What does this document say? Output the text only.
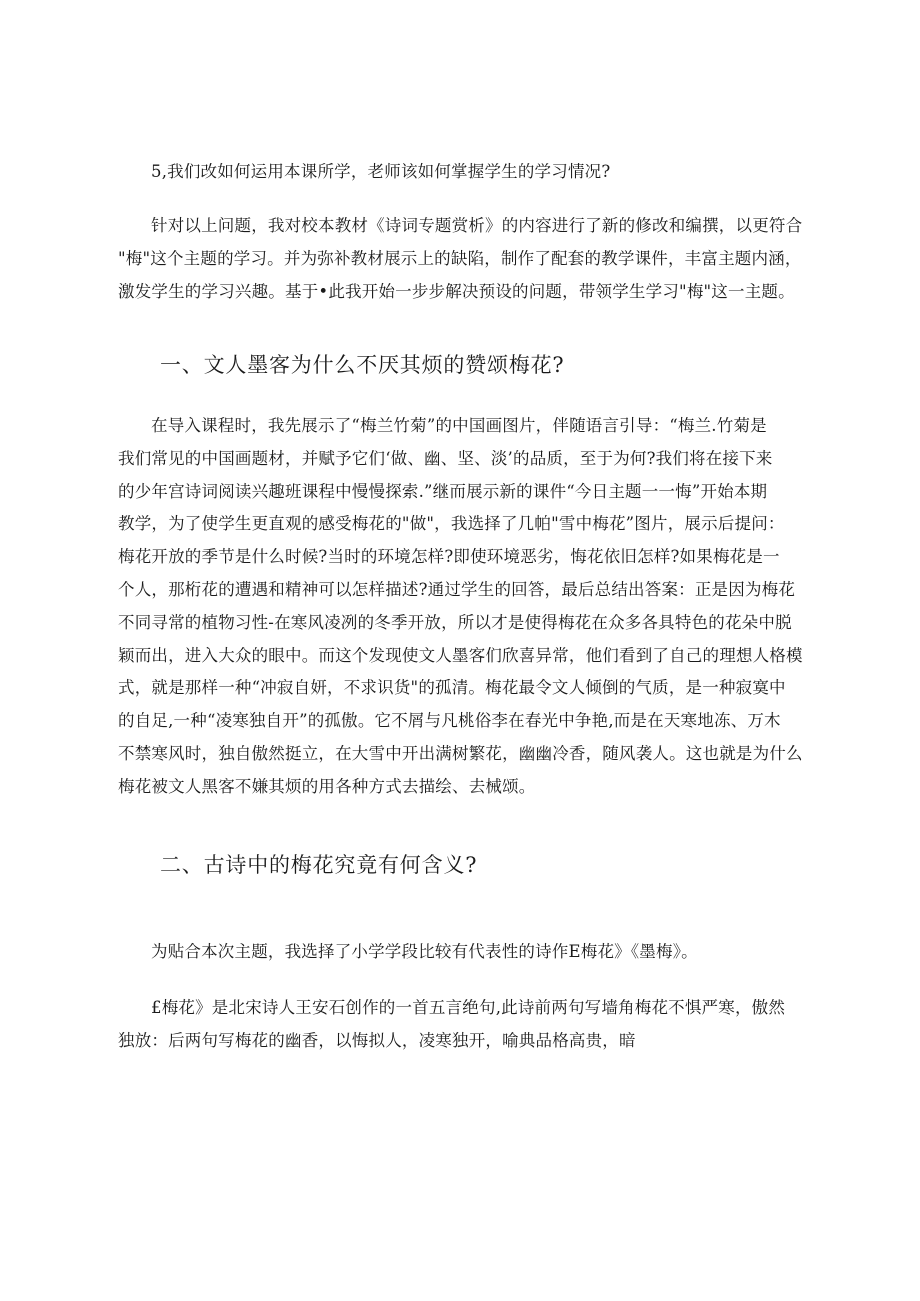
5,我们改如何运用本课所学，老师该如何掌握学生的学习情况?

针对以上问题，我对校本教材《诗词专题赏析》的内容进行了新的修改和编撰，以更符合
"梅"这个主题的学习。并为弥补教材展示上的缺陷，制作了配套的教学课件，丰富主题内涵，
激发学生的学习兴趣。基于•此我开始一步步解决预设的问题，带领学生学习"梅"这一主题。

一、文人墨客为什么不厌其烦的赞颂梅花?

在导入课程时，我先展示了“梅兰竹菊”的中国画图片，伴随语言引导：“梅兰.竹菊是
我们常见的中国画题材，并赋予它们‘做、幽、坚、淡’的品质，至于为何?我们将在接下来
的少年宫诗词阅读兴趣班课程中慢慢探索.”继而展示新的课件“今日主题一一悔”开始本期
教学，为了使学生更直观的感受梅花的"做"，我选择了几帕"雪中梅花”图片，展示后提问：
梅花开放的季节是什么时候?当时的环境怎样?即使环境恶劣，悔花依旧怎样?如果梅花是一
个人，那桁花的遭遇和精神可以怎样描述?通过学生的回答，最后总结出答案：正是因为梅花
不同寻常的植物习性-在寒风凌冽的冬季开放，所以才是使得梅花在众多各具特色的花朵中脱
颖而出，进入大众的眼中。而这个发现使文人墨客们欣喜异常，他们看到了自己的理想人格模
式，就是那样一种“冲寂自妍，不求识货"的孤清。梅花最令文人倾倒的气质，是一种寂寞中
的自足,一种“凌寒独自开”的孤傲。它不屑与凡桃俗李在春光中争艳,而是在天寒地冻、万木
不禁寒风时，独自傲然挺立，在大雪中开出满树繁花，幽幽冷香，随风袭人。这也就是为什么
梅花被文人黑客不嫌其烦的用各种方式去描绘、去械颂。

二、古诗中的梅花究竟有何含义?

为贴合本次主题，我选择了小学学段比较有代表性的诗作E梅花》《墨梅》。

£梅花》是北宋诗人王安石创作的一首五言绝句,此诗前两句写墙角梅花不惧严寒，傲然
独放：后两句写梅花的幽香，以悔拟人，凌寒独开，喻典品格高贵，暗
